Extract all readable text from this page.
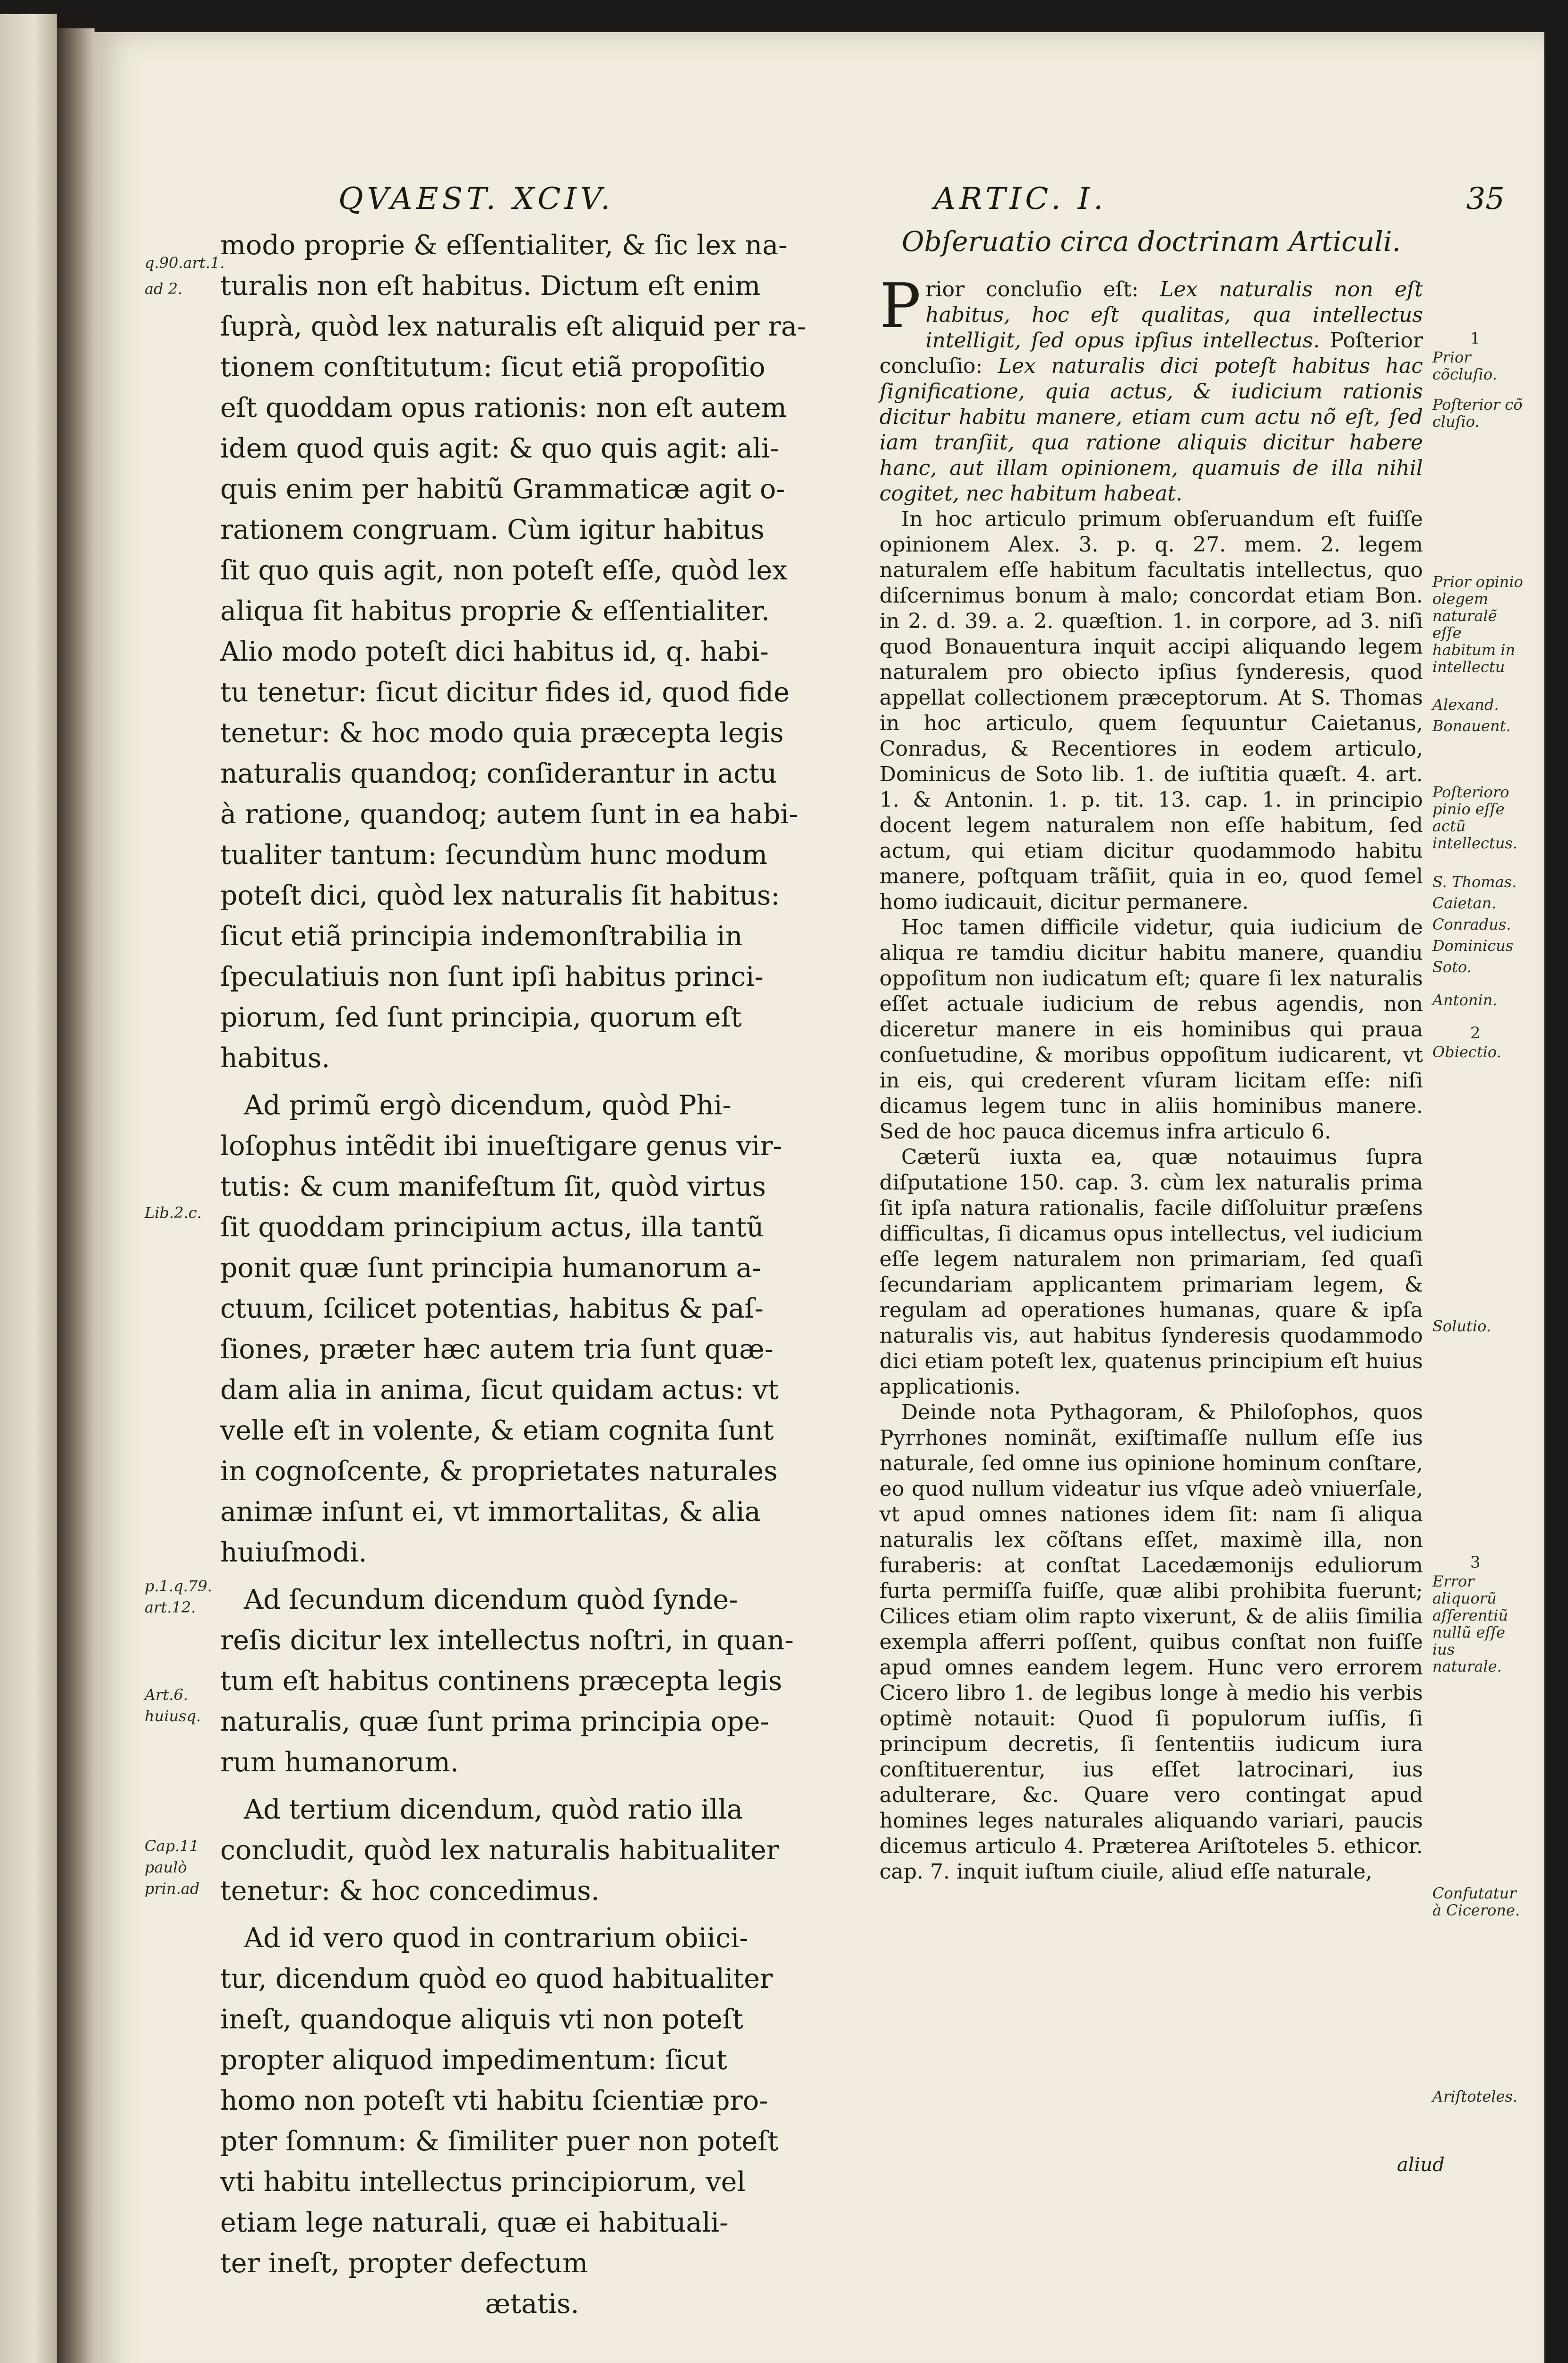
QVAEST. XCIV.	ARTIC. I.	35
q.90.art.1.
ad 2.
Lib.2.c.
p.1.q.79.
art.12.
Art.6.
huiusq.
Cap.11
paulò
prin.ad

modo proprie & eſſentialiter, & ſic lex na-

turalis non eſt habitus. Dictum eſt enim

ſuprà, quòd lex naturalis eſt aliquid per ra-

tionem conſtitutum: ſicut etiã propoſitio

eſt quoddam opus rationis: non eſt autem

idem quod quis agit: & quo quis agit: ali-

quis enim per habitũ Grammaticæ agit o-

rationem congruam. Cùm igitur habitus

ſit quo quis agit, non poteſt eſſe, quòd lex

aliqua ſit habitus proprie & eſſentialiter.

Alio modo poteſt dici habitus id, q. habi-

tu tenetur: ſicut dicitur fides id, quod fide

tenetur: & hoc modo quia præcepta legis

naturalis quandoq; conſiderantur in actu

à ratione, quandoq; autem ſunt in ea habi-

tualiter tantum: ſecundùm hunc modum

poteſt dici, quòd lex naturalis ſit habitus:

ſicut etiã principia indemonſtrabilia in

ſpeculatiuis non ſunt ipſi habitus princi-

piorum, ſed ſunt principia, quorum eſt

habitus.

Ad primũ ergò dicendum, quòd Phi-

loſophus intẽdit ibi inueſtigare genus vir-

tutis: & cum manifeſtum ſit, quòd virtus

ſit quoddam principium actus, illa tantũ

ponit quæ ſunt principia humanorum a-

ctuum, ſcilicet potentias, habitus & paſ-

ſiones, præter hæc autem tria ſunt quæ-

dam alia in anima, ſicut quidam actus: vt

velle eſt in volente, & etiam cognita ſunt

in cognoſcente, & proprietates naturales

animæ inſunt ei, vt immortalitas, & alia

huiuſmodi.

Ad ſecundum dicendum quòd ſynde-

reſis dicitur lex intellectus noſtri, in quan-

tum eſt habitus continens præcepta legis

naturalis, quæ ſunt prima principia ope-

rum humanorum.

Ad tertium dicendum, quòd ratio illa

concludit, quòd lex naturalis habitualiter

tenetur: & hoc concedimus.

Ad id vero quod in contrarium obiici-

tur, dicendum quòd eo quod habitualiter

ineſt, quandoque aliquis vti non poteſt

propter aliquod impedimentum: ſicut

homo non poteſt vti habitu ſcientiæ pro-

pter ſomnum: & ſimiliter puer non poteſt

vti habitu intellectus principiorum, vel

etiam lege naturali, quæ ei habituali-

ter ineſt, propter defectum

ætatis.

Obſeruatio circa doctrinam Articuli.

Prior concluſio eſt: Lex naturalis non eſt habitus, hoc eſt qualitas, qua intellectus intelligit, ſed opus ipſius intellectus. Poſterior concluſio: Lex naturalis dici poteſt habitus hac ſignificatione, quia actus, & iudicium rationis dicitur habitu manere, etiam cum actu nõ eſt, ſed iam tranſiit, qua ratione aliquis dicitur habere hanc, aut illam opinionem, quamuis de illa nihil cogitet, nec habitum habeat.

In hoc articulo primum obſeruandum eſt fuiſſe opinionem Alex. 3. p. q. 27. mem. 2. legem naturalem eſſe habitum facultatis intellectus, quo diſcernimus bonum à malo; concordat etiam Bon. in 2. d. 39. a. 2. quæſtion. 1. in corpore, ad 3. niſi quod Bonauentura inquit accipi aliquando legem naturalem pro obiecto ipſius ſynderesis, quod appellat collectionem præceptorum. At S. Thomas in hoc articulo, quem ſequuntur Caietanus, Conradus, & Recentiores in eodem articulo, Dominicus de Soto lib. 1. de iuſtitia quæſt. 4. art. 1. & Antonin. 1. p. tit. 13. cap. 1. in principio docent legem naturalem non eſſe habitum, ſed actum, qui etiam dicitur quodammodo habitu manere, poſtquam trãſiit, quia in eo, quod ſemel homo iudicauit, dicitur permanere.

Hoc tamen difficile videtur, quia iudicium de aliqua re tamdiu dicitur habitu manere, quandiu oppoſitum non iudicatum eſt; quare ſi lex naturalis eſſet actuale iudicium de rebus agendis, non diceretur manere in eis hominibus qui praua conſuetudine, & moribus oppoſitum iudicarent, vt in eis, qui crederent vſuram licitam eſſe: niſi dicamus legem tunc in aliis hominibus manere. Sed de hoc pauca dicemus infra articulo 6.

Cæterũ iuxta ea, quæ notauimus ſupra diſputatione 150. cap. 3. cùm lex naturalis prima ſit ipſa natura rationalis, facile diſſoluitur præſens difficultas, ſi dicamus opus intellectus, vel iudicium eſſe legem naturalem non primariam, ſed quaſi ſecundariam applicantem primariam legem, & regulam ad operationes humanas, quare & ipſa naturalis vis, aut habitus ſynderesis quodammodo dici etiam poteſt lex, quatenus principium eſt huius applicationis.

Deinde nota Pythagoram, & Philoſophos, quos Pyrrhones nominãt, exiſtimaſſe nullum eſſe ius naturale, ſed omne ius opinione hominum conſtare, eo quod nullum videatur ius vſque adeò vniuerſale, vt apud omnes nationes idem ſit: nam ſi aliqua naturalis lex cõſtans eſſet, maximè illa, non furaberis: at conſtat Lacedæmonijs eduliorum furta permiſſa fuiſſe, quæ alibi prohibita fuerunt; Cilices etiam olim rapto vixerunt, & de aliis ſimilia exempla afferri poſſent, quibus conſtat non fuiſſe apud omnes eandem legem. Hunc vero errorem Cicero libro 1. de legibus longe à medio his verbis optimè notauit: Quod ſi populorum iuſſis, ſi principum decretis, ſi ſententiis iudicum iura conſtituerentur, ius eſſet latrocinari, ius adulterare, &c. Quare vero contingat apud homines leges naturales aliquando variari, paucis dicemus articulo 4. Præterea Ariſtoteles 5. ethicor. cap. 7. inquit iuſtum ciuile, aliud eſſe naturale,

1
Prior cõcluſio.
Poſterior cõ cluſio.
Prior opinio olegem naturalẽ eſſe habitum in intellectu
Alexand.
Bonauent.
Poſterioro pinio eſſe actũ intellectus.
S. Thomas.
Caietan.
Conradus.
Dominicus
Soto.
Antonin.
2
Obiectio.
Solutio.
3
Error aliquorũ aſſerentiũ nullũ eſſe ius naturale.
Confutatur à Cicerone.
Ariſtoteles.
aliud
